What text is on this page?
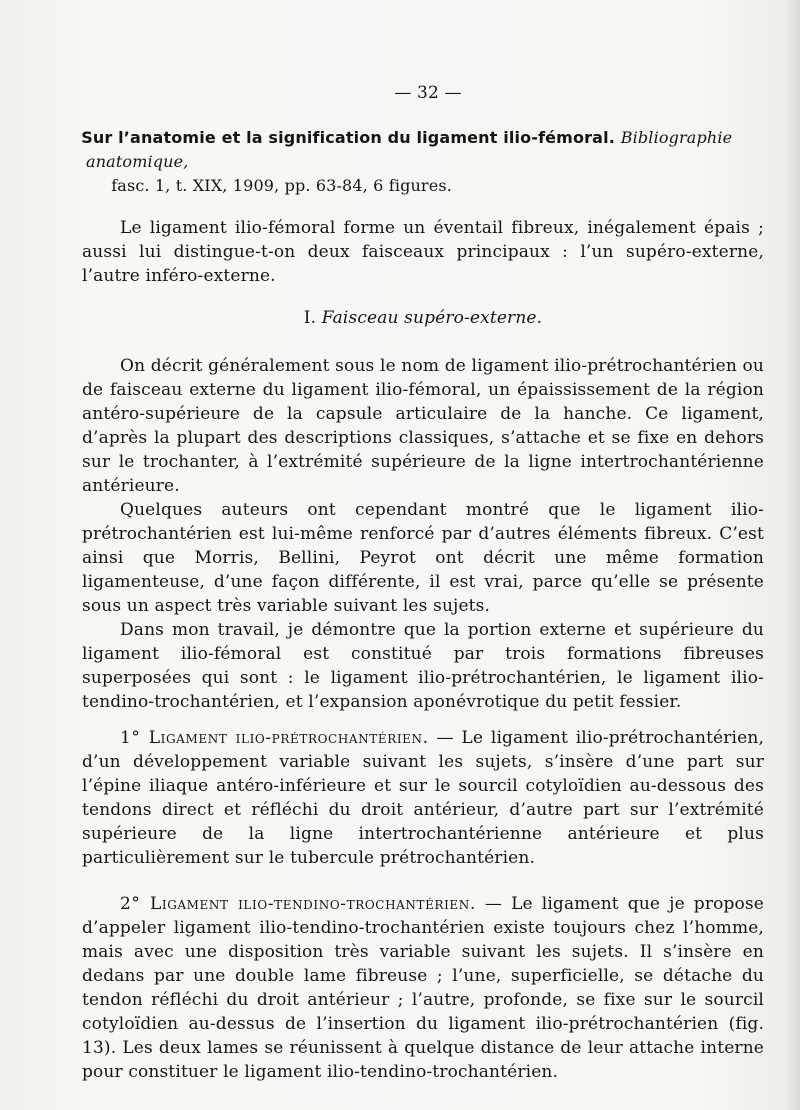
— 32 —
Sur l’anatomie et la signification du ligament ilio-fémoral. Bibliographie anatomique,
fasc. 1, t. XIX, 1909, pp. 63-84, 6 figures.

Le ligament ilio-fémoral forme un éventail fibreux, inégalement épais ; aussi lui distingue-t-on deux faisceaux principaux : l’un supéro-externe, l’autre inféro-externe.

I. Faisceau supéro-externe.

On décrit généralement sous le nom de ligament ilio-prétrochantérien ou de faisceau externe du ligament ilio-fémoral, un épaississement de la région antéro-supérieure de la capsule articulaire de la hanche. Ce ligament, d’après la plupart des descriptions classiques, s’attache et se fixe en dehors sur le trochanter, à l’extrémité supérieure de la ligne intertrochantérienne antérieure.

Quelques auteurs ont cependant montré que le ligament ilio-prétrochantérien est lui-même renforcé par d’autres éléments fibreux. C’est ainsi que Morris, Bellini, Peyrot ont décrit une même formation ligamenteuse, d’une façon différente, il est vrai, parce qu’elle se présente sous un aspect très variable suivant les sujets.

Dans mon travail, je démontre que la portion externe et supérieure du ligament ilio-fémoral est constitué par trois formations fibreuses superposées qui sont : le ligament ilio-prétrochantérien, le ligament ilio-tendino-trochantérien, et l’expansion aponévrotique du petit fessier.

1° Ligament ilio-prétrochantérien. — Le ligament ilio-prétrochantérien, d’un développement variable suivant les sujets, s’insère d’une part sur l’épine iliaque antéro-inférieure et sur le sourcil cotyloïdien au-dessous des tendons direct et réfléchi du droit antérieur, d’autre part sur l’extrémité supérieure de la ligne intertrochantérienne antérieure et plus particulièrement sur le tubercule prétrochantérien.

2° Ligament ilio-tendino-trochantérien. — Le ligament que je propose d’appeler ligament ilio-tendino-trochantérien existe toujours chez l’homme, mais avec une disposition très variable suivant les sujets. Il s’insère en dedans par une double lame fibreuse ; l’une, superficielle, se détache du tendon réfléchi du droit antérieur ; l’autre, profonde, se fixe sur le sourcil cotyloïdien au-dessus de l’insertion du ligament ilio-prétrochantérien (fig. 13). Les deux lames se réunissent à quelque distance de leur attache interne pour constituer le ligament ilio-tendino-trochantérien.
